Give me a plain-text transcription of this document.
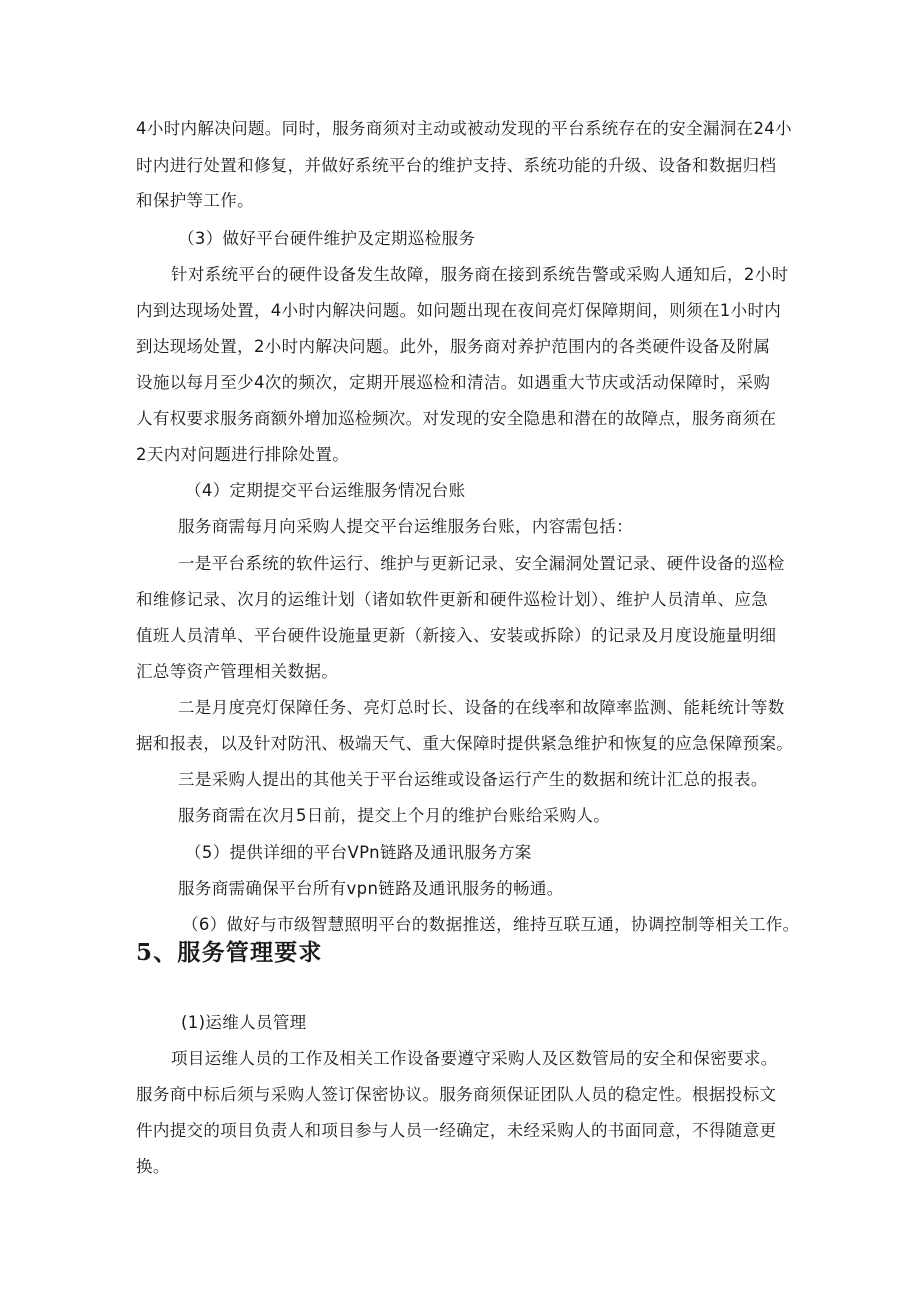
4小时内解决问题。同时，服务商须对主动或被动发现的平台系统存在的安全漏洞在24小

时内进行处置和修复，并做好系统平台的维护支持、系统功能的升级、设备和数据归档

和保护等工作。

（3）做好平台硬件维护及定期巡检服务

针对系统平台的硬件设备发生故障，服务商在接到系统告警或采购人通知后，2小时

内到达现场处置，4小时内解决问题。如问题出现在夜间亮灯保障期间，则须在1小时内

到达现场处置，2小时内解决问题。此外，服务商对养护范围内的各类硬件设备及附属

设施以每月至少4次的频次，定期开展巡检和清洁。如遇重大节庆或活动保障时，采购

人有权要求服务商额外增加巡检频次。对发现的安全隐患和潜在的故障点，服务商须在

2天内对问题进行排除处置。

（4）定期提交平台运维服务情况台账

服务商需每月向采购人提交平台运维服务台账，内容需包括：

一是平台系统的软件运行、维护与更新记录、安全漏洞处置记录、硬件设备的巡检

和维修记录、次月的运维计划（诸如软件更新和硬件巡检计划）、维护人员清单、应急

值班人员清单、平台硬件设施量更新（新接入、安装或拆除）的记录及月度设施量明细

汇总等资产管理相关数据。

二是月度亮灯保障任务、亮灯总时长、设备的在线率和故障率监测、能耗统计等数

据和报表，以及针对防汛、极端天气、重大保障时提供紧急维护和恢复的应急保障预案。

三是采购人提出的其他关于平台运维或设备运行产生的数据和统计汇总的报表。

服务商需在次月5日前，提交上个月的维护台账给采购人。

（5）提供详细的平台VPn链路及通讯服务方案

服务商需确保平台所有vpn链路及通讯服务的畅通。

（6）做好与市级智慧照明平台的数据推送，维持互联互通，协调控制等相关工作。

5、服务管理要求

(1)运维人员管理

项目运维人员的工作及相关工作设备要遵守采购人及区数管局的安全和保密要求。

服务商中标后须与采购人签订保密协议。服务商须保证团队人员的稳定性。根据投标文

件内提交的项目负责人和项目参与人员一经确定，未经采购人的书面同意，不得随意更

换。
